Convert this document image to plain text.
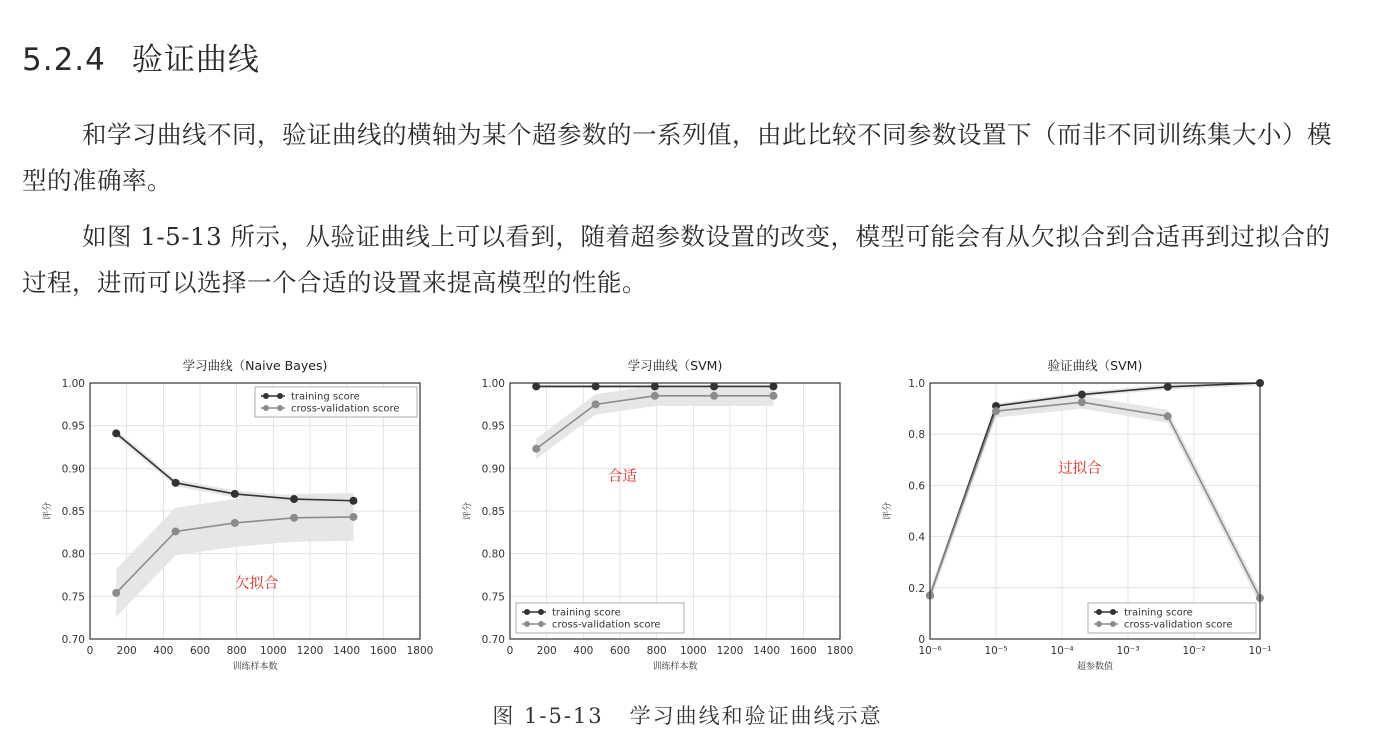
5.2.4 验证曲线
和学习曲线不同，验证曲线的横轴为某个超参数的一系列值，由此比较不同参数设置下（而非不同训练集大小）模型的准确率。
如图 1-5-13 所示，从验证曲线上可以看到，随着超参数设置的改变，模型可能会有从欠拟合到合适再到过拟合的过程，进而可以选择一个合适的设置来提高模型的性能。
学习曲线（Naive Bayes)
0 200 400 600 800 1000 1200 1400 1600 1800
0.70
0.75
0.80
0.85
0.90
0.95
1.00
训练样本数
评分
training score
cross-validation score
欠拟合
学习曲线（SVM)
0 200 400 600 800 1000 1200 1400 1600 1800
0.70
0.75
0.80
0.85
0.90
0.95
1.00
训练样本数
评分
training score
cross-validation score
合适
验证曲线（SVM)
10⁻⁶	10⁻⁵	10⁻⁴	10⁻³	10⁻²	10⁻¹
0
0.2
0.4
0.6
0.8
1.0
超参数值
评分
training score
cross-validation score
过拟合
图 1-5-13 学习曲线和验证曲线示意
